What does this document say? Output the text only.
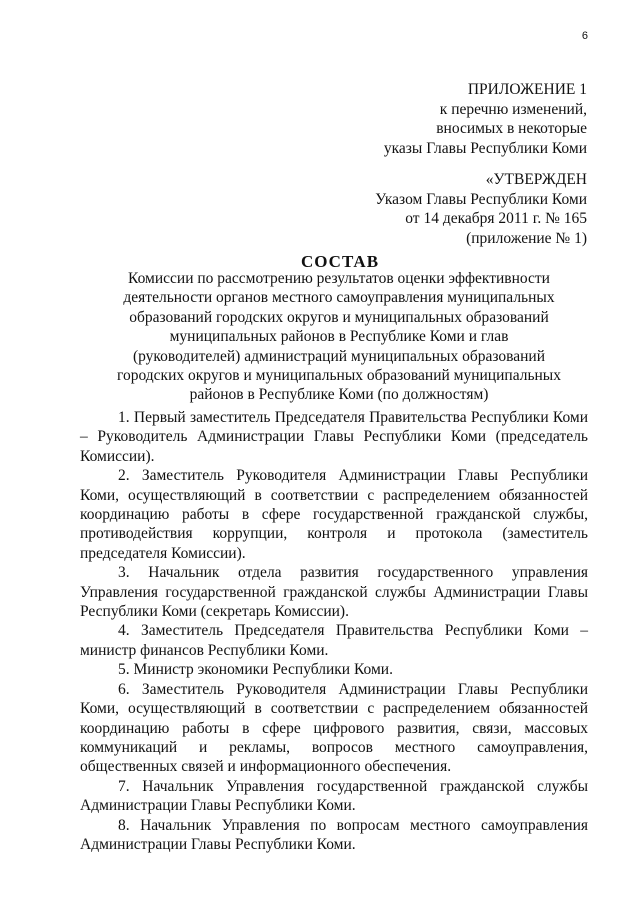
6
ПРИЛОЖЕНИЕ 1
к перечню изменений,
вносимых в некоторые
указы Главы Республики Коми
«УТВЕРЖДЕН
Указом Главы Республики Коми
от 14 декабря 2011 г. № 165
(приложение № 1)
СОСТАВ
Комиссии по рассмотрению результатов оценки эффективности
деятельности органов местного самоуправления муниципальных
образований городских округов и муниципальных образований
муниципальных районов в Республике Коми и глав
(руководителей) администраций муниципальных образований
городских округов и муниципальных образований муниципальных
районов в Республике Коми (по должностям)

1. Первый заместитель Председателя Правительства Республики Коми – Руководитель Администрации Главы Республики Коми (председатель Комиссии).

2. Заместитель Руководителя Администрации Главы Республики Коми, осуществляющий в соответствии с распределением обязанностей координацию работы в сфере государственной гражданской службы, противодействия коррупции, контроля и протокола (заместитель председателя Комиссии).

3. Начальник отдела развития государственного управления Управления государственной гражданской службы Администрации Главы Республики Коми (секретарь Комиссии).

4. Заместитель Председателя Правительства Республики Коми – министр финансов Республики Коми.

5. Министр экономики Республики Коми.

6. Заместитель Руководителя Администрации Главы Республики Коми, осуществляющий в соответствии с распределением обязанностей координацию работы в сфере цифрового развития, связи, массовых коммуникаций и рекламы, вопросов местного самоуправления, общественных связей и информационного обеспечения.

7. Начальник Управления государственной гражданской службы Администрации Главы Республики Коми.

8. Начальник Управления по вопросам местного самоуправления Администрации Главы Республики Коми.
